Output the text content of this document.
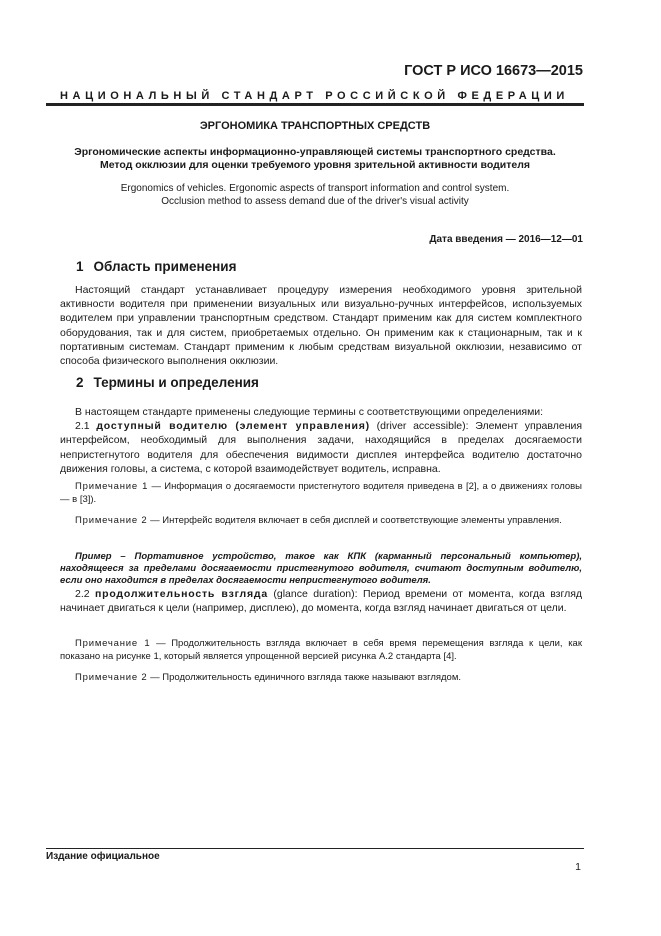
ГОСТ Р ИСО 16673—2015
НАЦИОНАЛЬНЫЙ СТАНДАРТ РОССИЙСКОЙ ФЕДЕРАЦИИ
ЭРГОНОМИКА ТРАНСПОРТНЫХ СРЕДСТВ
Эргономические аспекты информационно-управляющей системы транспортного средства.
Метод окклюзии для оценки требуемого уровня зрительной активности водителя
Ergonomics of vehicles. Ergonomic aspects of transport information and control system.
Occlusion method to assess demand due of the driver's visual activity
Дата введения — 2016—12—01
1 Область применения

Настоящий стандарт устанавливает процедуру измерения необходимого уровня зрительной активности водителя при применении визуальных или визуально-ручных интерфейсов, используемых водителем при управлении транспортным средством. Стандарт применим как для систем комплектного оборудования, так и для систем, приобретаемых отдельно. Он применим как к стационарным, так и к портативным системам. Стандарт применим к любым средствам визуальной окклюзии, независимо от способа физического выполнения окклюзии.

2 Термины и определения

В настоящем стандарте применены следующие термины с соответствующими определениями:

2.1 доступный водителю (элемент управления) (driver accessible): Элемент управления интерфейсом, необходимый для выполнения задачи, находящийся в пределах досягаемости непристегнутого водителя для обеспечения видимости дисплея интерфейса водителю достаточно движения головы, а система, с которой взаимодействует водитель, исправна.

Примечание 1 — Информация о досягаемости пристегнутого водителя приведена в [2], а о движениях головы — в [3]).

Примечание 2 — Интерфейс водителя включает в себя дисплей и соответствующие элементы управления.

Пример – Портативное устройство, такое как КПК (карманный персональный компьютер), находящееся за пределами досягаемости пристегнутого водителя, считают доступным водителю, если оно находится в пределах досягаемости непристегнутого водителя.

2.2 продолжительность взгляда (glance duration): Период времени от момента, когда взгляд начинает двигаться к цели (например, дисплею), до момента, когда взгляд начинает двигаться от цели.

Примечание 1 — Продолжительность взгляда включает в себя время перемещения взгляда к цели, как показано на рисунке 1, который является упрощенной версией рисунка А.2 стандарта [4].

Примечание 2 — Продолжительность единичного взгляда также называют взглядом.

Издание официальное
1
